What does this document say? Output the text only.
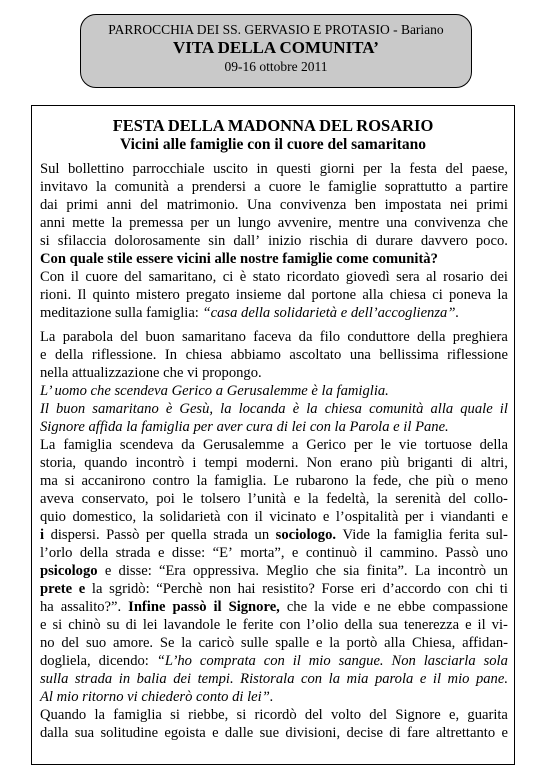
PARROCCHIA DEI SS. GERVASIO E PROTASIO - Bariano
VITA DELLA COMUNITA’
09-16 ottobre 2011
FESTA DELLA MADONNA DEL ROSARIO
Vicini alle famiglie con il cuore del samaritano
Sul bollettino parrocchiale uscito in questi giorni per la festa del paese,
invitavo la comunità a prendersi a cuore le famiglie soprattutto a partire
dai primi anni del matrimonio. Una convivenza ben impostata nei primi
anni mette la premessa per un lungo avvenire, mentre una convivenza che
si sfilaccia dolorosamente sin dall’ inizio rischia di durare davvero poco.
Con quale stile essere vicini alle nostre famiglie come comunità?
Con il cuore del samaritano, ci è stato ricordato giovedì sera al rosario dei
rioni. Il quinto mistero pregato insieme dal portone alla chiesa ci poneva la
meditazione sulla famiglia: “casa della solidarietà e dell’accoglienza”.
La parabola del buon samaritano faceva da filo conduttore della preghiera
e della riflessione. In chiesa abbiamo ascoltato una bellissima riflessione
nella attualizzazione che vi propongo.
L’ uomo che scendeva Gerico a Gerusalemme è la famiglia.
Il buon samaritano è Gesù, la locanda è la chiesa comunità alla quale il
Signore affida la famiglia per aver cura di lei con la Parola e il Pane.
La famiglia scendeva da Gerusalemme a Gerico per le vie tortuose della
storia, quando incontrò i tempi moderni. Non erano più briganti di altri,
ma si accanirono contro la famiglia. Le rubarono la fede, che più o meno
aveva conservato, poi le tolsero l’unità e la fedeltà, la serenità del collo-
quio domestico, la solidarietà con il vicinato e l’ospitalità per i viandanti e
i dispersi. Passò per quella strada un sociologo. Vide la famiglia ferita sul-
l’orlo della strada e disse: “E’ morta”, e continuò il cammino. Passò uno
psicologo e disse: “Era oppressiva. Meglio che sia finita”. La incontrò un
prete e la sgridò: “Perchè non hai resistito? Forse eri d’accordo con chi ti
ha assalito?”. Infine passò il Signore, che la vide e ne ebbe compassione
e si chinò su di lei lavandole le ferite con l’olio della sua tenerezza e il vi-
no del suo amore. Se la caricò sulle spalle e la portò alla Chiesa, affidan-
dogliela, dicendo: “L’ho comprata con il mio sangue. Non lasciarla sola
sulla strada in balia dei tempi. Ristorala con la mia parola e il mio pane.
Al mio ritorno vi chiederò conto di lei”.
Quando la famiglia si riebbe, si ricordò del volto del Signore e, guarita
dalla sua solitudine egoista e dalle sue divisioni, decise di fare altrettanto e
